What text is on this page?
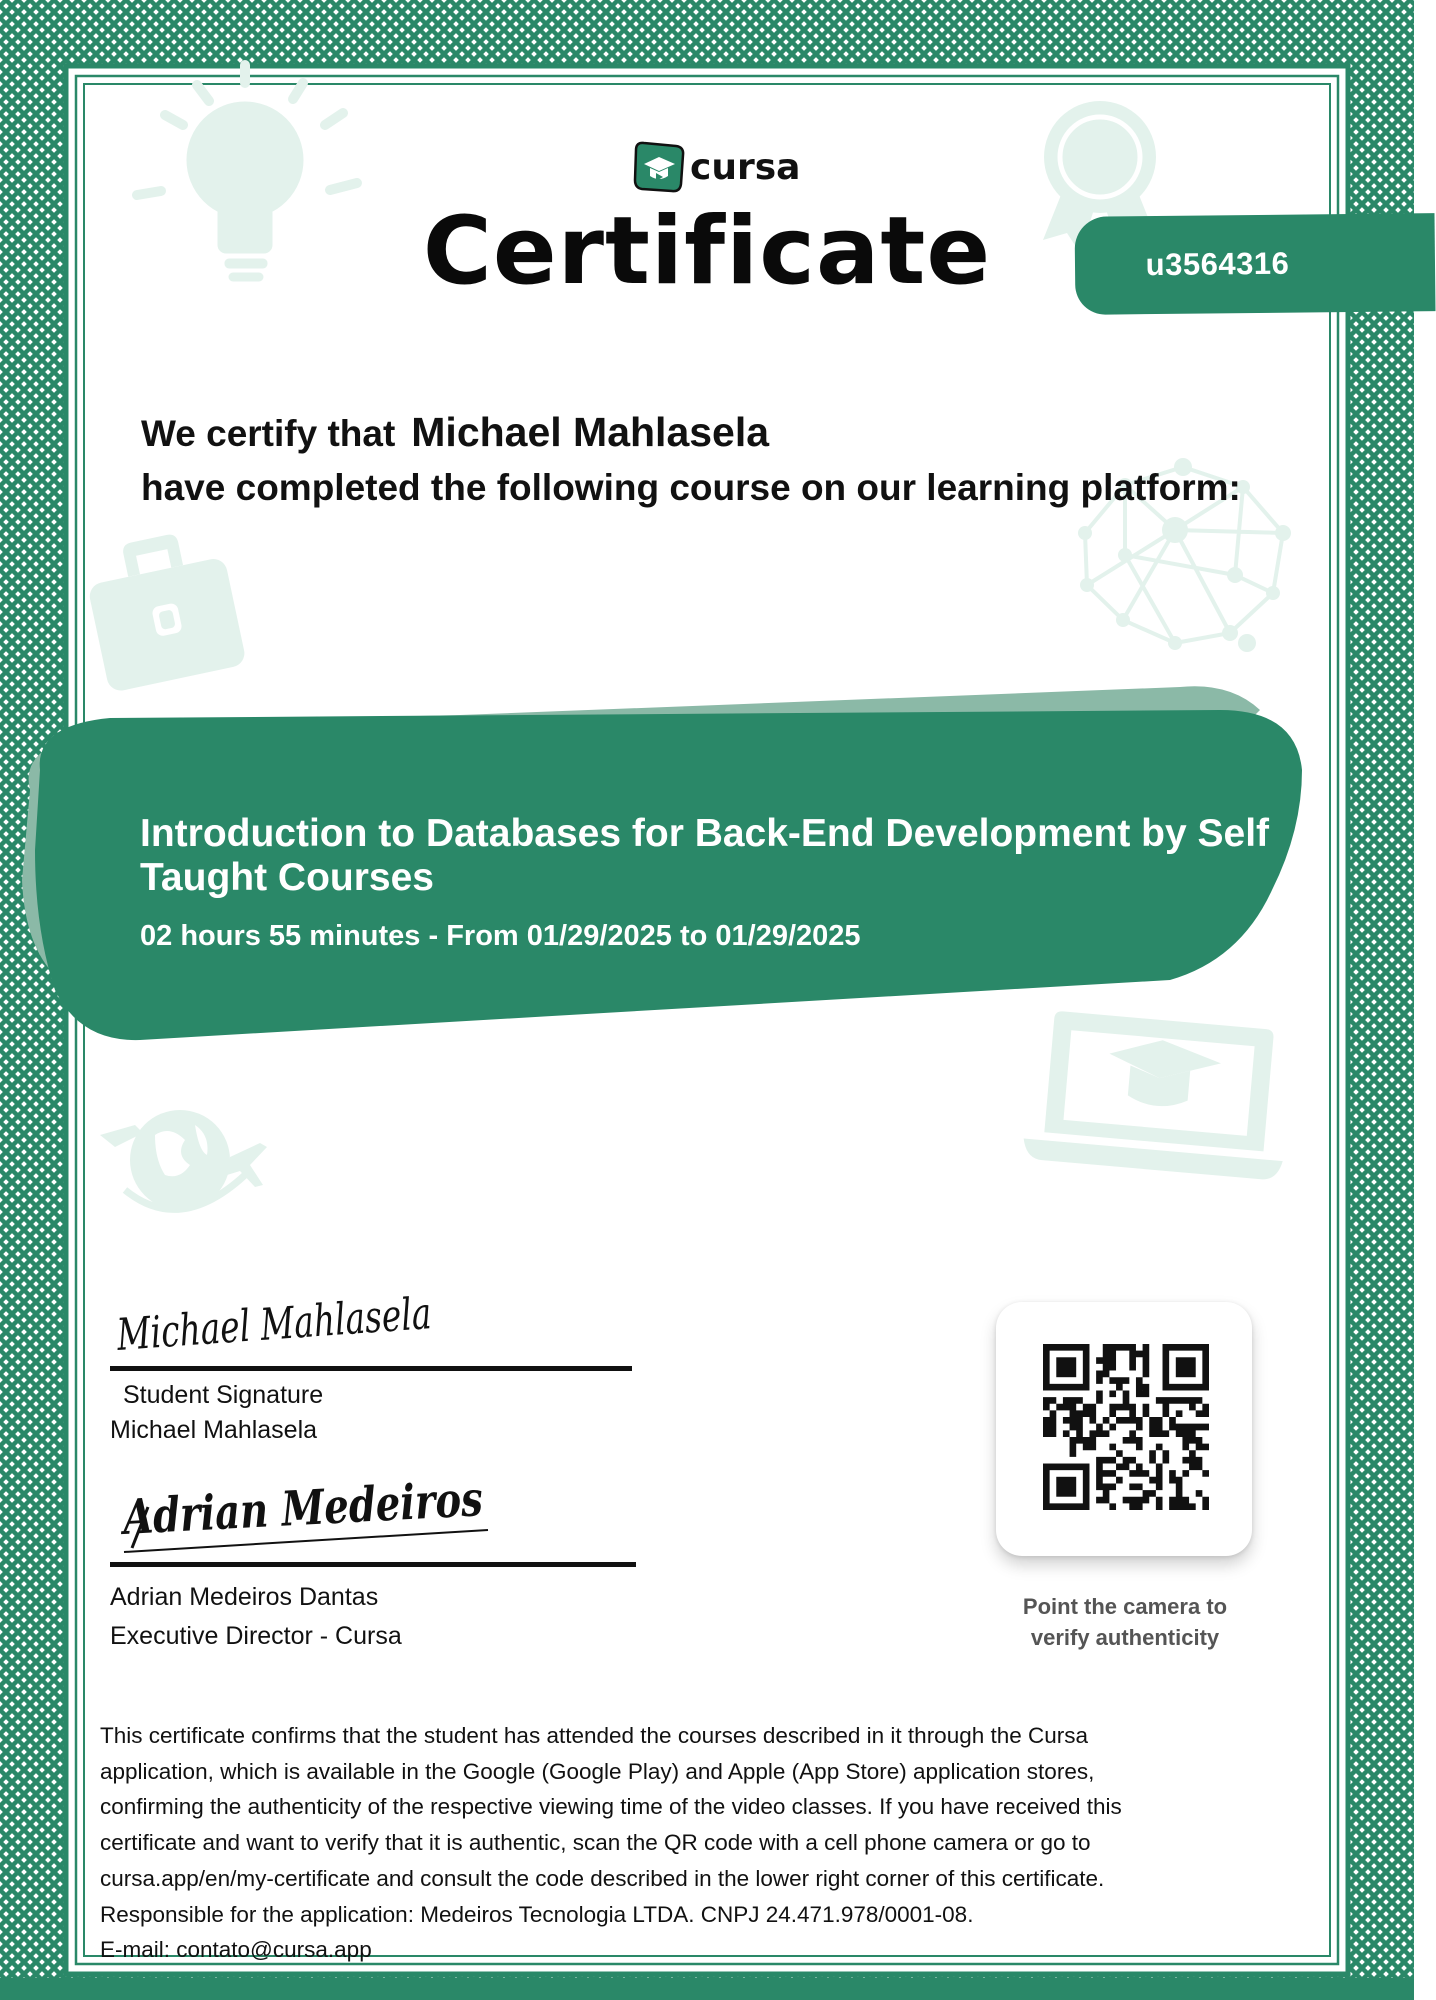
cursa
Certificate	u3564316
We certify that Michael Mahlasela
have completed the following course on our learning platform:
Introduction to Databases for Back-End Development by Self Taught Courses
02 hours 55 minutes - From 01/29/2025 to 01/29/2025
Michael Mahlasela
Student Signature
Michael Mahlasela
Adrian Medeiros
Adrian Medeiros Dantas
Executive Director - Cursa
Point the camera to
verify authenticity
This certificate confirms that the student has attended the courses described in it through the Cursa
application, which is available in the Google (Google Play) and Apple (App Store) application stores,
confirming the authenticity of the respective viewing time of the video classes. If you have received this
certificate and want to verify that it is authentic, scan the QR code with a cell phone camera or go to
cursa.app/en/my-certificate and consult the code described in the lower right corner of this certificate.
Responsible for the application: Medeiros Tecnologia LTDA. CNPJ 24.471.978/0001-08.
E-mail: contato@cursa.app
